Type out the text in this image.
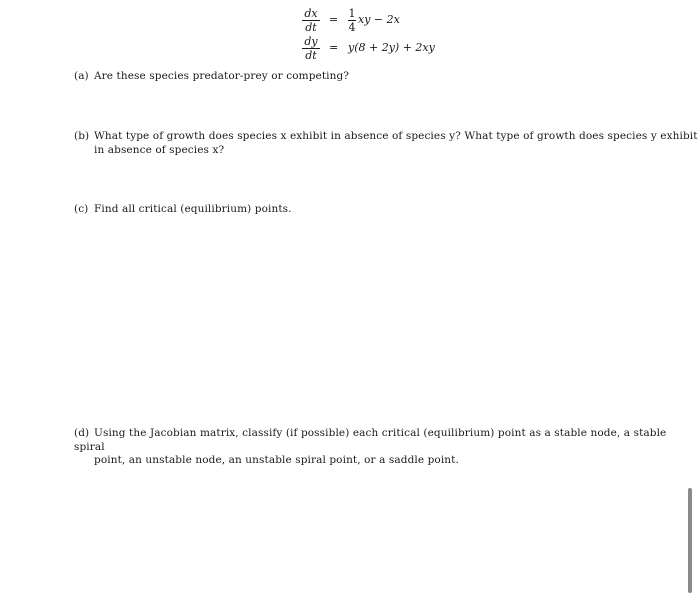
dx
dt
= 1
4
xy − 2x
dy
dt
= y(8 + 2y) + 2xy
(a) Are these species predator-prey or competing?
(b) What type of growth does species x exhibit in absence of species y? What type of growth does species y exhibit
in absence of species x?
(c) Find all critical (equilibrium) points.
(d) Using the Jacobian matrix, classify (if possible) each critical (equilibrium) point as a stable node, a stable spiral
point, an unstable node, an unstable spiral point, or a saddle point.
